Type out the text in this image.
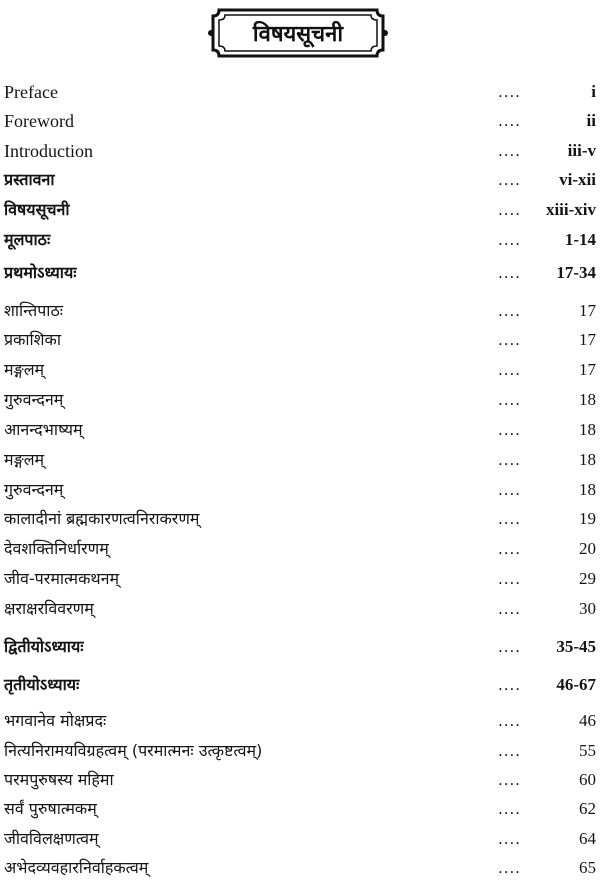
विषयसूचनी
Preface	....	i
Foreword	....	ii
Introduction	....	iii-v
प्रस्तावना	.... vi-xii
विषयसूचनी	.... xiii-xiv
मूलपाठः	....	1-14
प्रथमोऽध्यायः	.... 17-34
शान्तिपाठः	....	17
प्रकाशिका	....	17
मङ्गलम्	....	17
गुरुवन्दनम्	....	18
आनन्दभाष्यम्	....	18
मङ्गलम्	....	18
गुरुवन्दनम्	....	18
कालादीनां ब्रह्मकारणत्वनिराकरणम्	....	19
देवशक्तिनिर्धारणम्	....	20
जीव-परमात्मकथनम्	....	29
क्षराक्षरविवरणम्	....	30
द्वितीयोऽध्यायः	.... 35-45
तृतीयोऽध्यायः	.... 46-67
भगवानेव मोक्षप्रदः	....	46
नित्यनिरामयविग्रहत्वम् (परमात्मनः उत्कृष्टत्वम्)	....	55
परमपुरुषस्य महिमा	....	60
सर्वं पुरुषात्मकम्	....	62
जीवविलक्षणत्वम्	....	64
अभेदव्यवहारनिर्वाहकत्वम्	....	65
